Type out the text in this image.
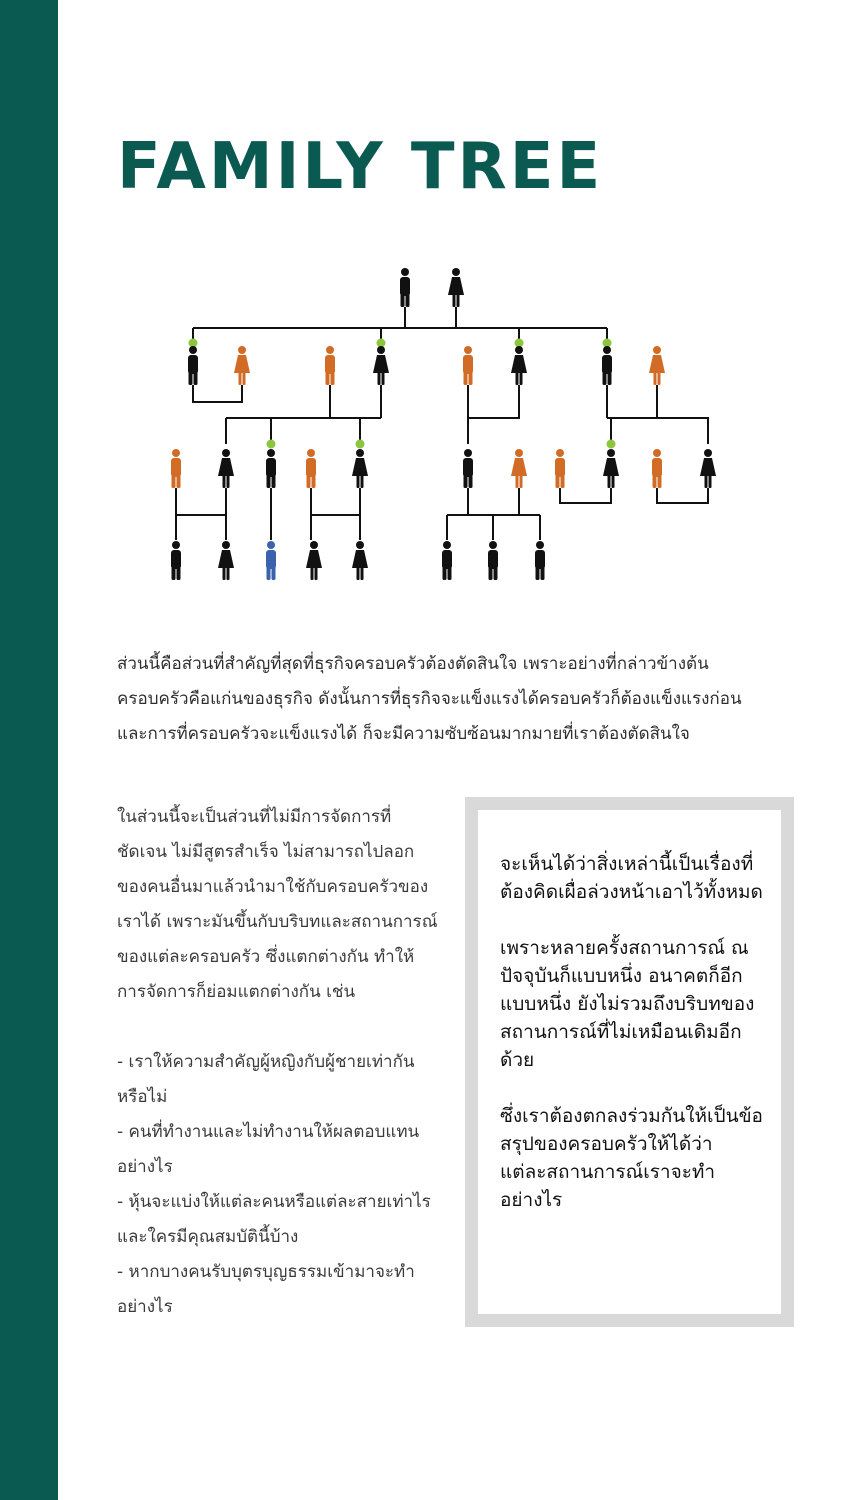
FAMILY TREE

ส่วนนี้คือส่วนที่สำคัญที่สุดที่ธุรกิจครอบครัวต้องตัดสินใจ เพราะอย่างที่กล่าวข้างต้นครอบครัวคือแก่นของธุรกิจ ดังนั้นการที่ธุรกิจจะแข็งแรงได้ครอบครัวก็ต้องแข็งแรงก่อน และการที่ครอบครัวจะแข็งแรงได้ ก็จะมีความซับซ้อนมากมายที่เราต้องตัดสินใจ

ในส่วนนี้จะเป็นส่วนที่ไม่มีการจัดการที่ชัดเจน ไม่มีสูตรสำเร็จ ไม่สามารถไปลอกของคนอื่นมาแล้วนำมาใช้กับครอบครัวของเราได้ เพราะมันขึ้นกับบริบทและสถานการณ์ของแต่ละครอบครัว ซึ่งแตกต่างกัน ทำให้การจัดการก็ย่อมแตกต่างกัน เช่น

- เราให้ความสำคัญผู้หญิงกับผู้ชายเท่ากันหรือไม่
- คนที่ทำงานและไม่ทำงานให้ผลตอบแทนอย่างไร
- หุ้นจะแบ่งให้แต่ละคนหรือแต่ละสายเท่าไร และใครมีคุณสมบัตินี้บ้าง
- หากบางคนรับบุตรบุญธรรมเข้ามาจะทำอย่างไร

จะเห็นได้ว่าสิ่งเหล่านี้เป็นเรื่องที่ต้องคิดเผื่อล่วงหน้าเอาไว้ทั้งหมด

เพราะหลายครั้งสถานการณ์ ณ ปัจจุบันก็แบบหนึ่ง อนาคตก็อีกแบบหนึ่ง ยังไม่รวมถึงบริบทของสถานการณ์ที่ไม่เหมือนเดิมอีกด้วย

ซึ่งเราต้องตกลงร่วมกันให้เป็นข้อสรุปของครอบครัวให้ได้ว่า แต่ละสถานการณ์เราจะทำอย่างไร
